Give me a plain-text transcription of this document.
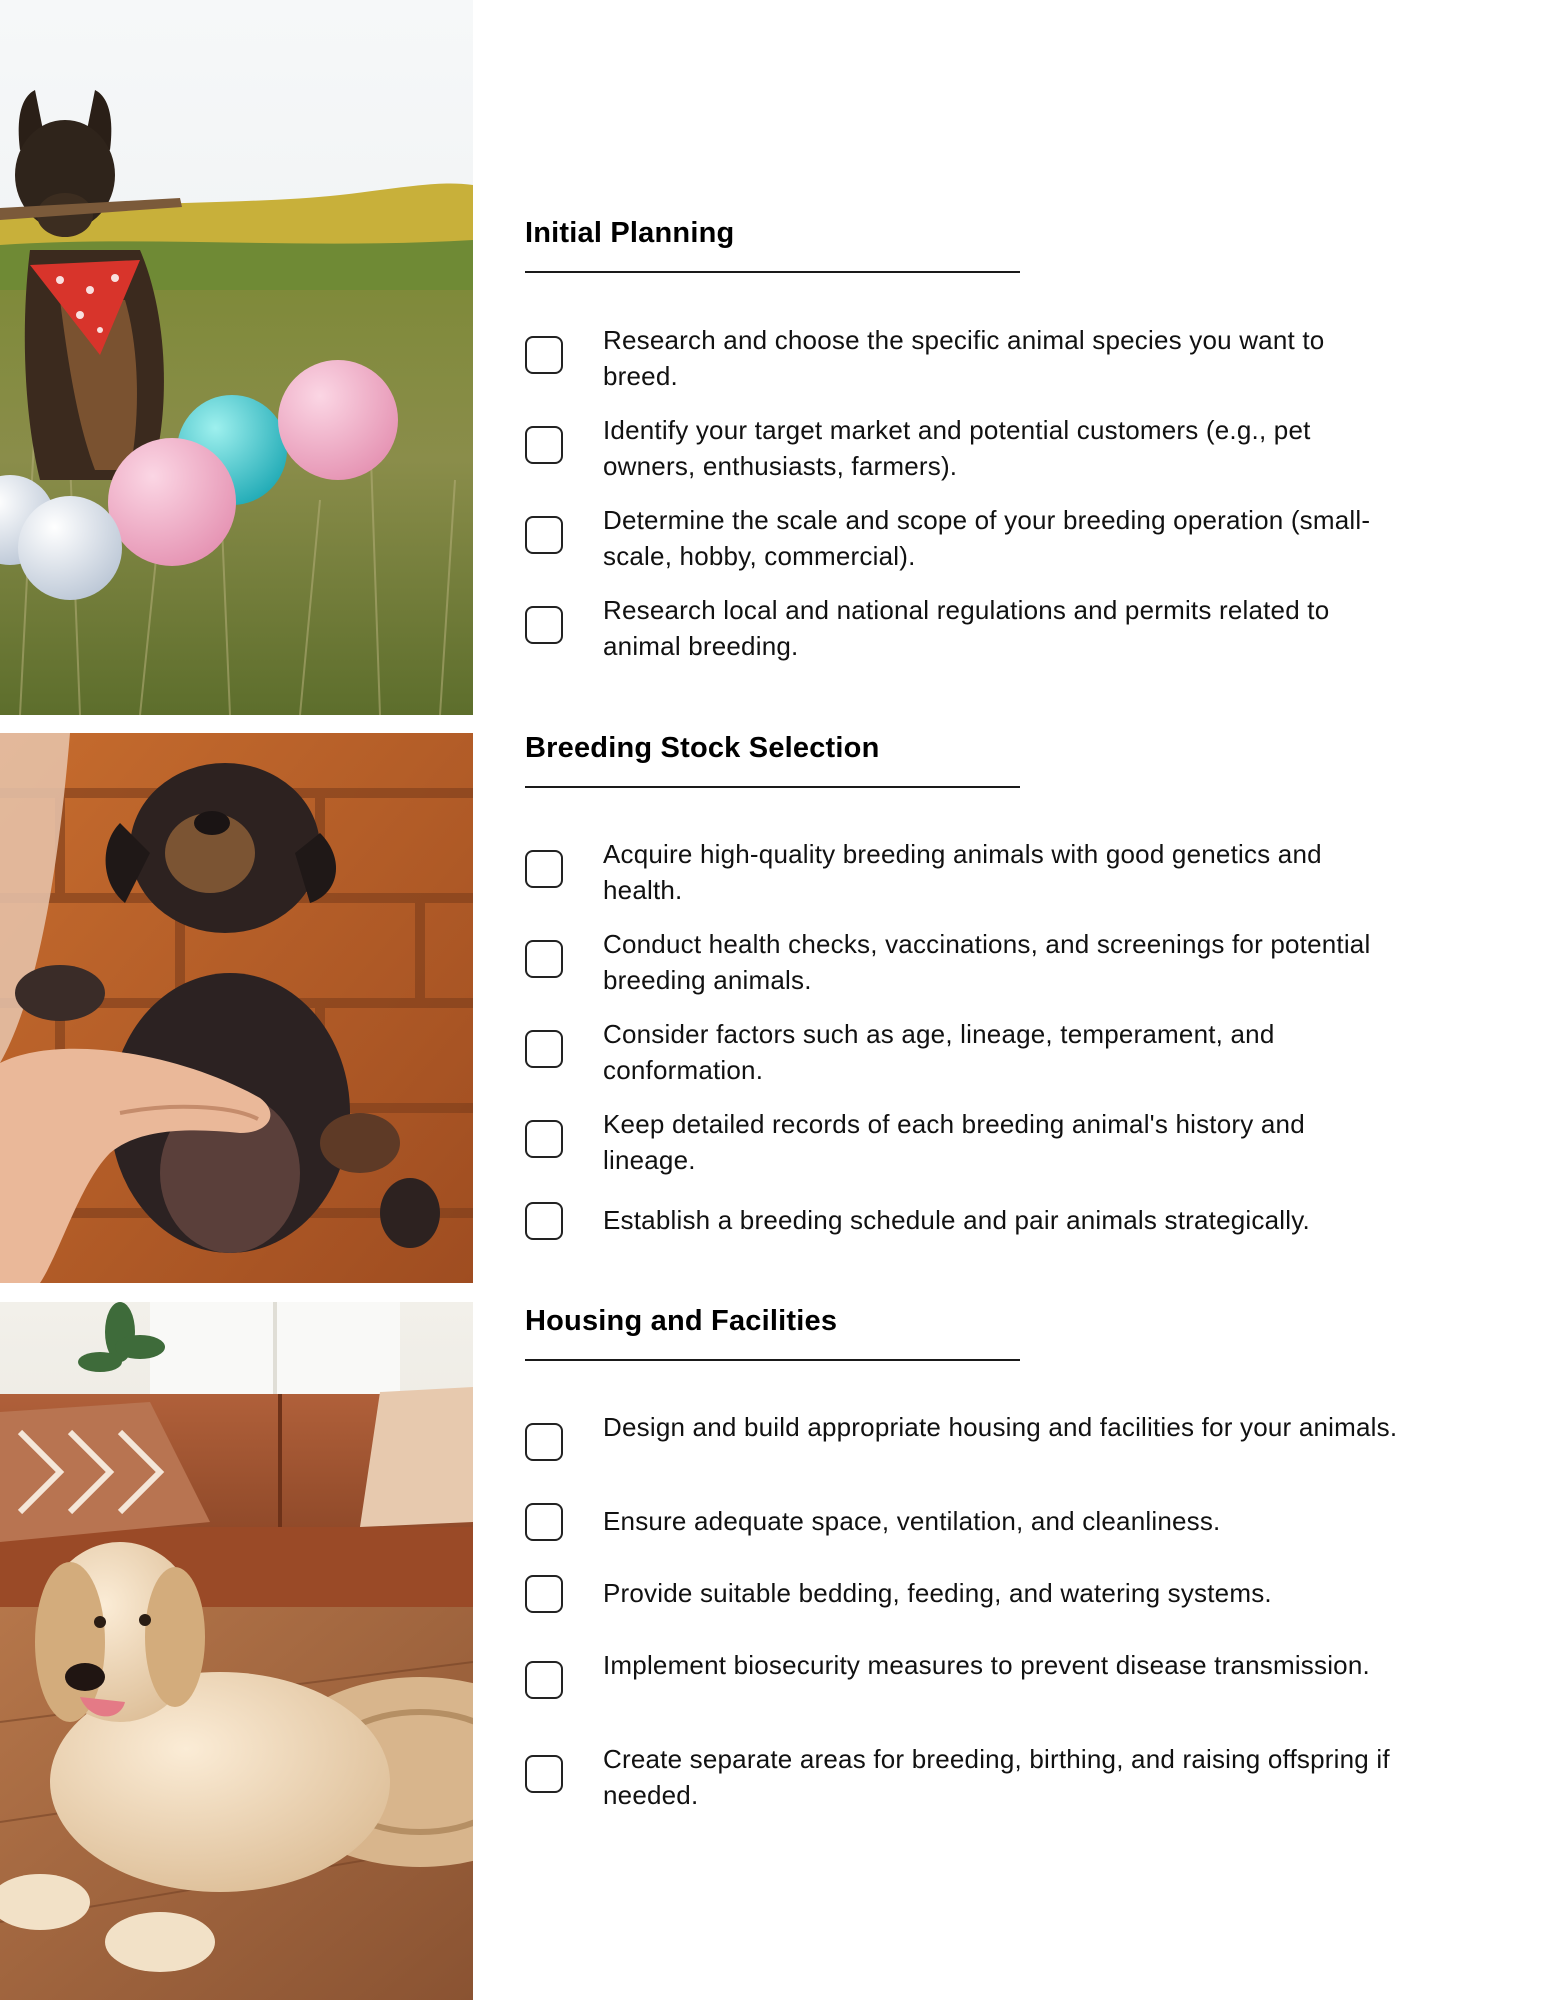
Initial Planning
Research and choose the specific animal species you want to breed.
Identify your target market and potential customers (e.g., pet owners, enthusiasts, farmers).
Determine the scale and scope of your breeding operation (small-scale, hobby, commercial).
Research local and national regulations and permits related to animal breeding.
Breeding Stock Selection
Acquire high-quality breeding animals with good genetics and health.
Conduct health checks, vaccinations, and screenings for potential breeding animals.
Consider factors such as age, lineage, temperament, and conformation.
Keep detailed records of each breeding animal's history and lineage.
Establish a breeding schedule and pair animals strategically.
Housing and Facilities
Design and build appropriate housing and facilities for your animals.
Ensure adequate space, ventilation, and cleanliness.
Provide suitable bedding, feeding, and watering systems.
Implement biosecurity measures to prevent disease transmission.
Create separate areas for breeding, birthing, and raising offspring if needed.
